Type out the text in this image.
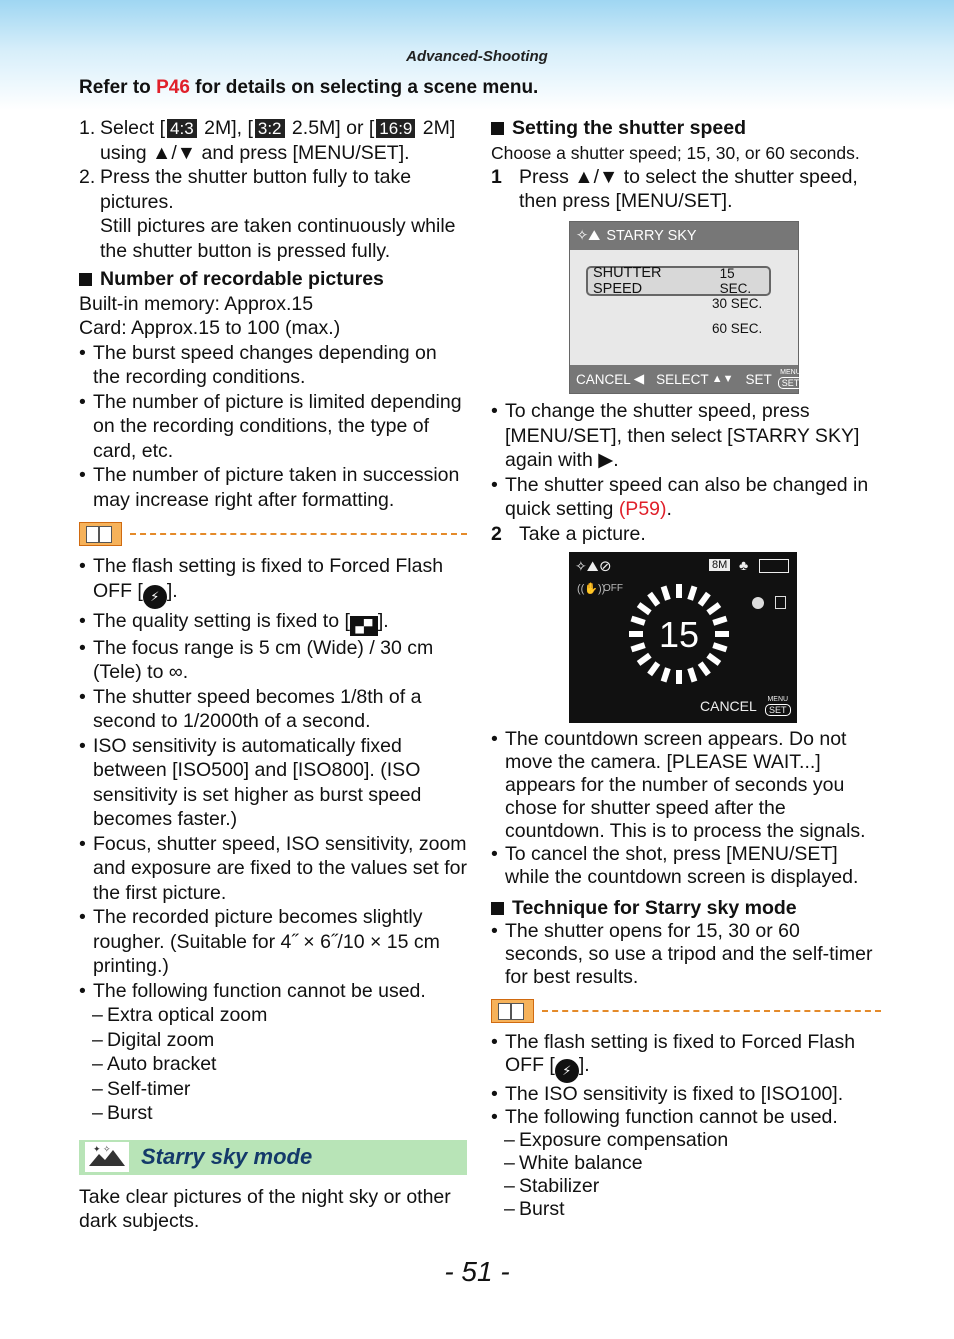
Advanced-Shooting
Refer to P46 for details on selecting a scene menu.
1. Select [ 4:3 2M], [ 3:2 2.5M] or [ 16:9 2M] using ▲/▼ and press [MENU/SET].
2. Press the shutter button fully to take pictures.
Still pictures are taken continuously while the shutter button is pressed fully.
Number of recordable pictures

Built-in memory: Approx.15

Card: Approx.15 to 100 (max.)

• The burst speed changes depending on the recording conditions.
• The number of picture is limited depending on the recording conditions, the type of card, etc.
• The number of picture taken in succession may increase right after formatting.
• The flash setting is fixed to Forced Flash OFF [ ⚡ ].
• The quality setting is fixed to [ ▄▀ ].
• The focus range is 5 cm (Wide) / 30 cm (Tele) to ∞.
• The shutter speed becomes 1/8th of a second to 1/2000th of a second.
• ISO sensitivity is automatically fixed between [ISO500] and [ISO800]. (ISO sensitivity is set higher as burst speed becomes faster.)
• Focus, shutter speed, ISO sensitivity, zoom and exposure are fixed to the values set for the first picture.
• The recorded picture becomes slightly rougher. (Suitable for 4˝ × 6˝/10 × 15 cm printing.)
• The following function cannot be used.
– Extra optical zoom
– Digital zoom
– Auto bracket
– Self-timer
– Burst
✦ ✧ Starry sky mode

Take clear pictures of the night sky or other dark subjects.

Setting the shutter speed

Choose a shutter speed; 15, 30, or 60 seconds.

1 Press ▲/▼ to select the shutter speed, then press [MENU/SET].
✧⛰ STARRY SKY
SHUTTER SPEED
15 SEC.
30 SEC.
60 SEC.
CANCEL ◀ SELECT ▲▼ SET MENU
SET
• To change the shutter speed, press [MENU/SET], then select [STARRY SKY] again with ▶.
• The shutter speed can also be changed in quick setting (P59).
2 Take a picture.
✧⛰ ⊘	8M ♣
((✋))
OFF
15
CANCEL MENU
SET
• The countdown screen appears. Do not move the camera. [PLEASE WAIT...] appears for the number of seconds you chose for shutter speed after the countdown. This is to process the signals.
• To cancel the shot, press [MENU/SET] while the countdown screen is displayed.
Technique for Starry sky mode
• The shutter opens for 15, 30 or 60 seconds, so use a tripod and the self-timer for best results.
• The flash setting is fixed to Forced Flash OFF [ ⚡ ].
• The ISO sensitivity is fixed to [ISO100].
• The following function cannot be used.
– Exposure compensation
– White balance
– Stabilizer
– Burst
- 51 -
